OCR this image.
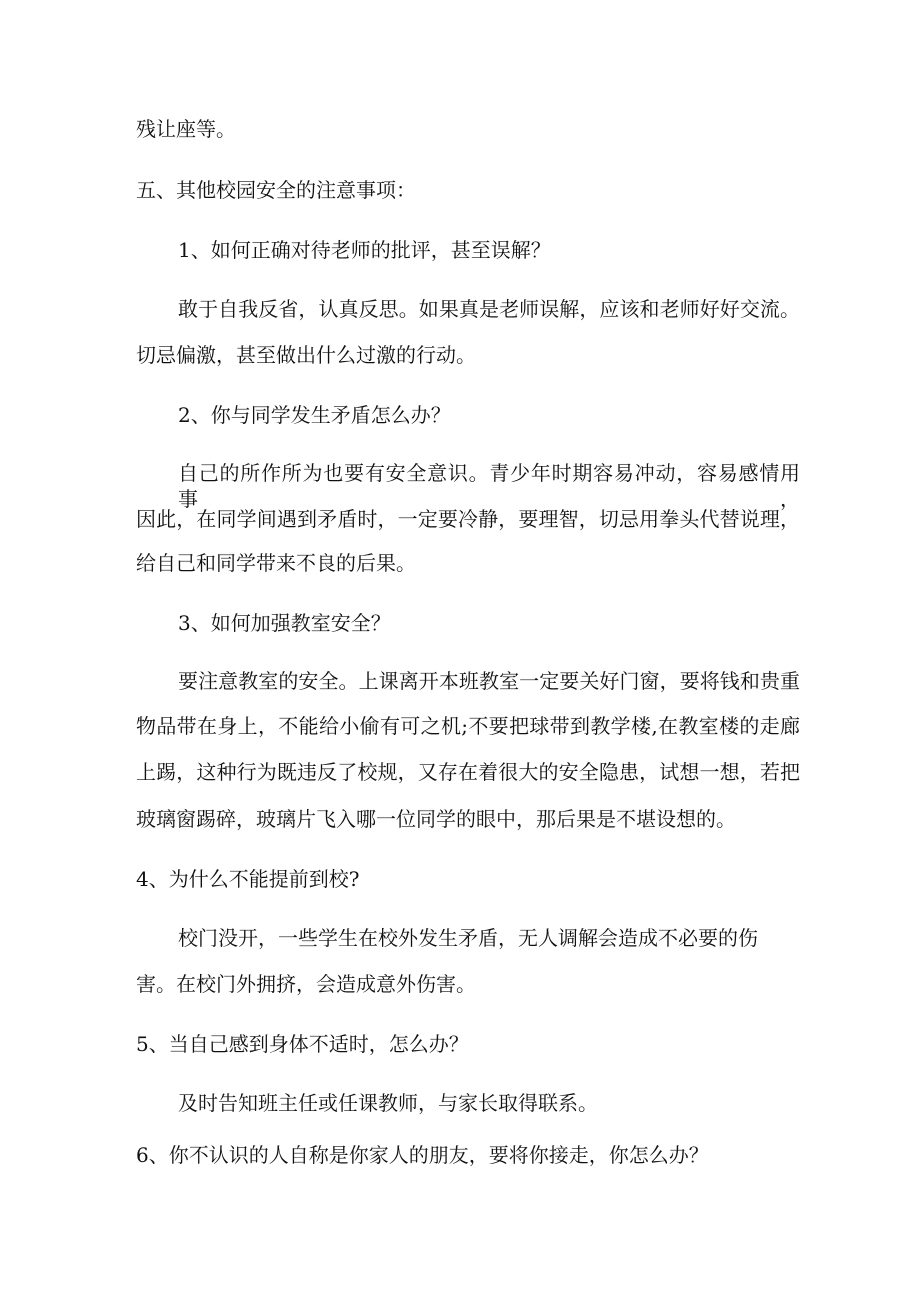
残让座等。
五、其他校园安全的注意事项：
1、如何正确对待老师的批评，甚至误解？
敢于自我反省，认真反思。如果真是老师误解，应该和老师好好交流。
切忌偏激，甚至做出什么过激的行动。
2、你与同学发生矛盾怎么办？
自己的所作所为也要有安全意识。青少年时期容易冲动，容易感情用事，
因此，在同学间遇到矛盾时，一定要冷静，要理智，切忌用拳头代替说理，
给自己和同学带来不良的后果。
3、如何加强教室安全？
要注意教室的安全。上课离开本班教室一定要关好门窗，要将钱和贵重
物品带在身上，不能给小偷有可之机;不要把球带到教学楼,在教室楼的走廊
上踢，这种行为既违反了校规，又存在着很大的安全隐患，试想一想，若把
玻璃窗踢碎，玻璃片飞入哪一位同学的眼中，那后果是不堪设想的。
4、为什么不能提前到校?
校门没开，一些学生在校外发生矛盾，无人调解会造成不必要的伤
害。在校门外拥挤，会造成意外伤害。
5、当自己感到身体不适时，怎么办？
及时告知班主任或任课教师，与家长取得联系。
6、你不认识的人自称是你家人的朋友，要将你接走，你怎么办？
